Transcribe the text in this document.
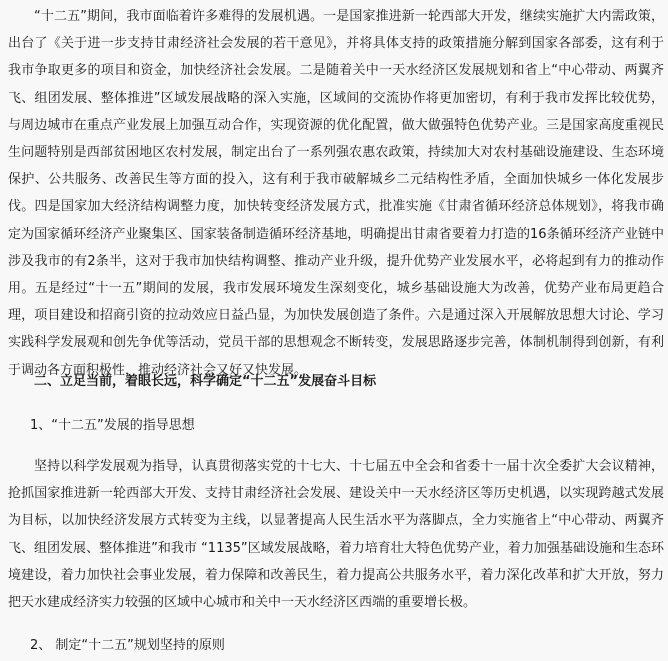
“十二五”期间，我市面临着许多难得的发展机遇。一是国家推进新一轮西部大开发，继续实施扩大内需政策，出台了《关于进一步支持甘肃经济社会发展的若干意见》，并将具体支持的政策措施分解到国家各部委，这有利于我市争取更多的项目和资金，加快经济社会发展。二是随着关中一天水经济区发展规划和省上“中心带动、两翼齐飞、组团发展、整体推进”区域发展战略的深入实施，区域间的交流协作将更加密切，有利于我市发挥比较优势，与周边城市在重点产业发展上加强互动合作，实现资源的优化配置，做大做强特色优势产业。三是国家高度重视民生问题特别是西部贫困地区农村发展，制定出台了一系列强农惠农政策，持续加大对农村基础设施建设、生态环境保护、公共服务、改善民生等方面的投入，这有利于我市破解城乡二元结构性矛盾，全面加快城乡一体化发展步伐。四是国家加大经济结构调整力度，加快转变经济发展方式，批准实施《甘肃省循环经济总体规划》，将我市确定为国家循环经济产业聚集区、国家装备制造循环经济基地，明确提出甘肃省要着力打造的16条循环经济产业链中涉及我市的有2条半，这对于我市加快结构调整、推动产业升级，提升优势产业发展水平，必将起到有力的推动作用。五是经过“十一五”期间的发展，我市发展环境发生深刻变化，城乡基础设施大为改善，优势产业布局更趋合理，项目建设和招商引资的拉动效应日益凸显，为加快发展创造了条件。六是通过深入开展解放思想大讨论、学习实践科学发展观和创先争优等活动，党员干部的思想观念不断转变，发展思路逐步完善，体制机制得到创新，有利于调动各方面积极性，推动经济社会又好又快发展。

二、立足当前，着眼长远，科学确定“十二五”发展奋斗目标

1、“十二五”发展的指导思想

坚持以科学发展观为指导，认真贯彻落实党的十七大、十七届五中全会和省委十一届十次全委扩大会议精神，抢抓国家推进新一轮西部大开发、支持甘肃经济社会发展、建设关中一天水经济区等历史机遇，以实现跨越式发展为目标，以加快经济发展方式转变为主线，以显著提高人民生活水平为落脚点，全力实施省上“中心带动、两翼齐飞、组团发展、整体推进”和我市 “1135”区域发展战略，着力培育壮大特色优势产业，着力加强基础设施和生态环境建设，着力加快社会事业发展，着力保障和改善民生，着力提高公共服务水平，着力深化改革和扩大开放，努力把天水建成经济实力较强的区域中心城市和关中一天水经济区西端的重要增长极。

2、 制定“十二五”规划坚持的原则
